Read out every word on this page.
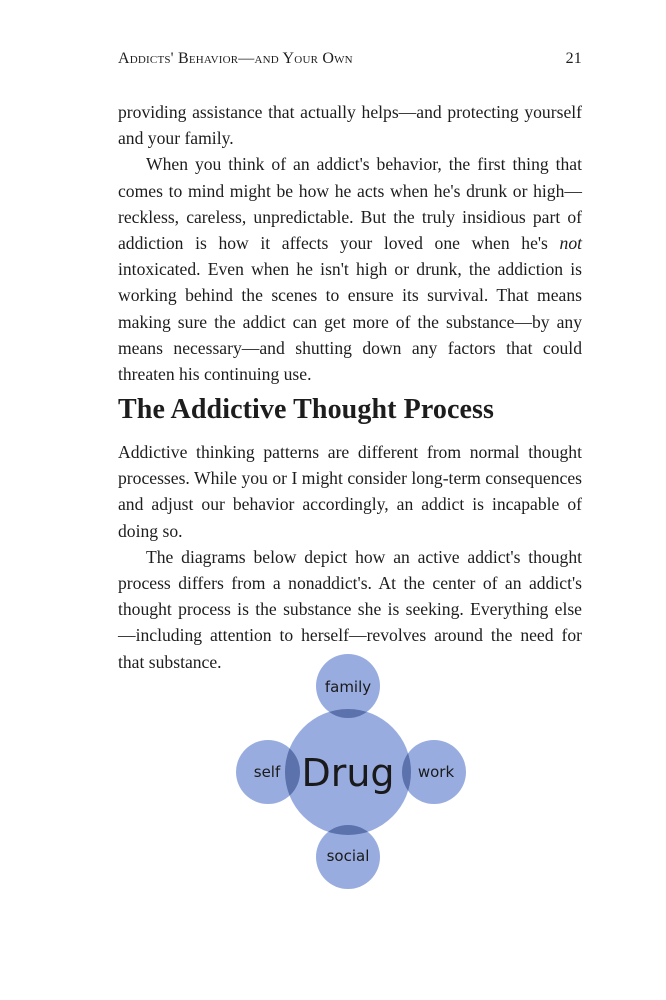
Addicts' Behavior—and Your Own	21

providing assistance that actually helps—and protecting yourself and your family.

When you think of an addict's behavior, the first thing that comes to mind might be how he acts when he's drunk or high—reckless, careless, unpredictable. But the truly insidious part of addiction is how it affects your loved one when he's not intoxicated. Even when he isn't high or drunk, the addiction is working behind the scenes to ensure its survival. That means making sure the addict can get more of the substance—by any means necessary—and shutting down any factors that could threaten his continuing use.

The Addictive Thought Process

Addictive thinking patterns are different from normal thought processes. While you or I might consider long-term consequences and adjust our behavior accordingly, an addict is incapable of doing so.

The diagrams below depict how an active addict's thought process differs from a nonaddict's. At the center of an addict's thought process is the substance she is seeking. Everything else—including attention to herself—revolves around the need for that substance.

Drug
family
social
self	work
